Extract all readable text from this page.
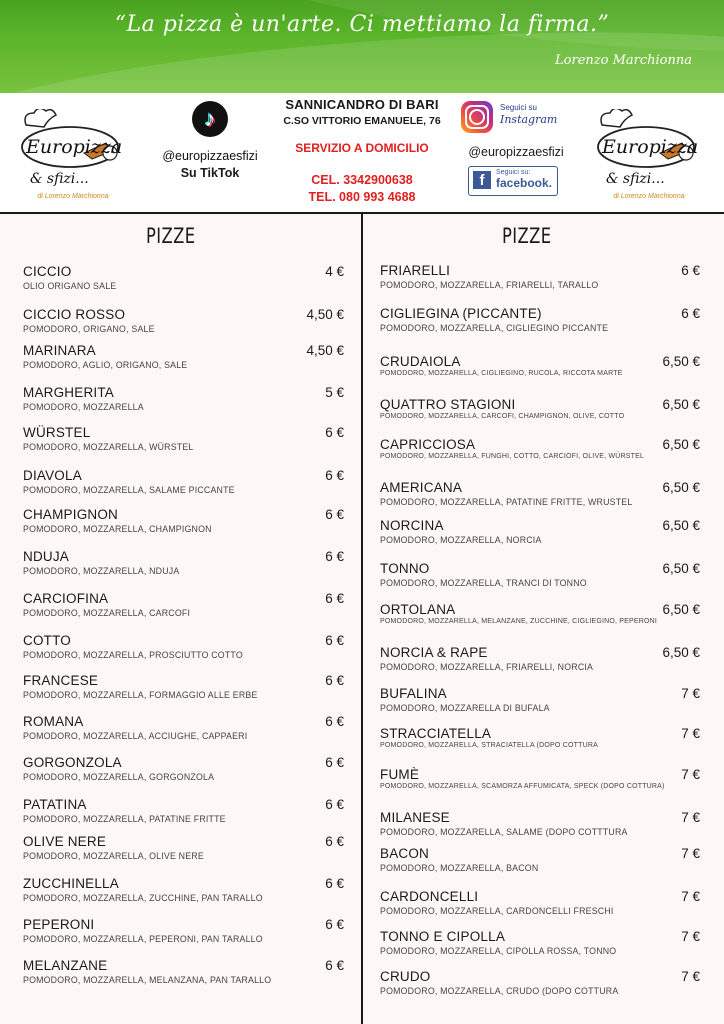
“La pizza è un'arte. Ci mettiamo la firma.”
Lorenzo Marchionna
Europizza
& sfizi...
di Lorenzo Marchionna
♪
@europizzaesfizi
Su TikTok
SANNICANDRO DI BARI
C.SO VITTORIO EMANUELE, 76
SERVIZIO A DOMICILIO
CEL. 3342900638
TEL. 080 993 4688
Seguici su
Instagram
@europizzaesfizi
f	Seguici su:
facebook.
Europizza
& sfizi...
di Lorenzo Marchionna
PIZZE	PIZZE
CICCIO
OLIO ORIGANO SALE
4 €
CICCIO ROSSO
POMODORO, ORIGANO, SALE
4,50 €
MARINARA
POMODORO, AGLIO, ORIGANO, SALE
4,50 €
MARGHERITA
POMODORO, MOZZARELLA
5 €
WÜRSTEL
POMODORO, MOZZARELLA, WÜRSTEL
6 €
DIAVOLA
POMODORO, MOZZARELLA, SALAME PICCANTE
6 €
CHAMPIGNON
POMODORO, MOZZARELLA, CHAMPIGNON
6 €
NDUJA
POMODORO, MOZZARELLA, NDUJA
6 €
CARCIOFINA
POMODORO, MOZZARELLA, CARCOFI
6 €
COTTO
POMODORO, MOZZARELLA, PROSCIUTTO COTTO
6 €
FRANCESE
POMODORO, MOZZARELLA, FORMAGGIO ALLE ERBE
6 €
ROMANA
POMODORO, MOZZARELLA, ACCIUGHE, CAPPAERI
6 €
GORGONZOLA
POMODORO, MOZZARELLA, GORGONZOLA
6 €
PATATINA
POMODORO, MOZZARELLA, PATATINE FRITTE
6 €
OLIVE NERE
POMODORO, MOZZARELLA, OLIVE NERE
6 €
ZUCCHINELLA
POMODORO, MOZZARELLA, ZUCCHINE, PAN TARALLO
6 €
PEPERONI
POMODORO, MOZZARELLA, PEPERONI, PAN TARALLO
6 €
MELANZANE
POMODORO, MOZZARELLA, MELANZANA, PAN TARALLO
6 €
FRIARELLI
POMODORO, MOZZARELLA, FRIARELLI, TARALLO
6 €
CIGLIEGINA (PICCANTE)
POMODORO, MOZZARELLA, CIGLIEGINO PICCANTE
6 €
CRUDAIOLA
POMODORO, MOZZARELLA, CIGLIEGINO, RUCOLA, RICCOTA MARTE
6,50 €
QUATTRO STAGIONI
POMODORO, MOZZARELLA, CARCOFI, CHAMPIGNON, OLIVE, COTTO
6,50 €
CAPRICCIOSA
POMODORO, MOZZARELLA, FUNGHI, COTTO, CARCIOFI, OLIVE, WÜRSTEL
6,50 €
AMERICANA
POMODORO, MOZZARELLA, PATATINE FRITTE, WRUSTEL
6,50 €
NORCINA
POMODORO, MOZZARELLA, NORCIA
6,50 €
TONNO
POMODORO, MOZZARELLA, TRANCI DI TONNO
6,50 €
ORTOLANA
POMODORO, MOZZARELLA, MELANZANE, ZUCCHINE, CIGLIEGINO, PEPERONI
6,50 €
NORCIA & RAPE
POMODORO, MOZZARELLA, FRIARELLI, NORCIA
6,50 €
BUFALINA
POMODORO, MOZZARELLA DI BUFALA
7 €
STRACCIATELLA
POMODORO, MOZZARELLA, STRACIATELLA (DOPO COTTURA
7 €
FUMÈ
POMODORO, MOZZARELLA, SCAMORZA AFFUMICATA, SPECK (DOPO COTTURA)
7 €
MILANESE
POMODORO, MOZZARELLA, SALAME (DOPO COTTTURA
7 €
BACON
POMODORO, MOZZARELLA, BACON
7 €
CARDONCELLI
POMODORO, MOZZARELLA, CARDONCELLI FRESCHI
7 €
TONNO E CIPOLLA
POMODORO, MOZZARELLA, CIPOLLA ROSSA, TONNO
7 €
CRUDO
POMODORO, MOZZARELLA, CRUDO (DOPO COTTURA
7 €
